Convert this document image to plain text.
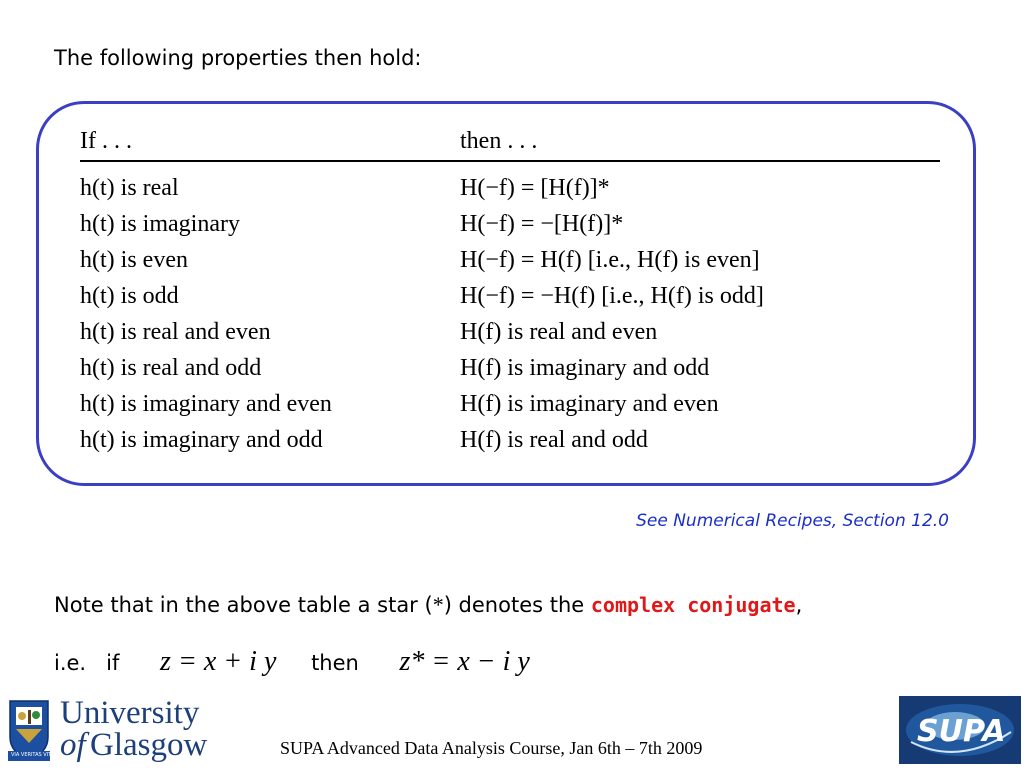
The following properties then hold:
If . . .	then . . .
h(t) is real	H(−f) = [H(f)]*
h(t) is imaginary	H(−f) = −[H(f)]*
h(t) is even	H(−f) = H(f) [i.e., H(f) is even]
h(t) is odd	H(−f) = −H(f) [i.e., H(f) is odd]
h(t) is real and even	H(f) is real and even
h(t) is real and odd	H(f) is imaginary and odd
h(t) is imaginary and even	H(f) is imaginary and even
h(t) is imaginary and odd	H(f) is real and odd
See Numerical Recipes, Section 12.0
Note that in the above table a star (*) denotes the complex conjugate,
i.e.   if z = x + i y then z* = x − i y
VIA VERITAS VITA
University
of Glasgow	SUPA Advanced Data Analysis Course, Jan 6th – 7th 2009	SUPA
